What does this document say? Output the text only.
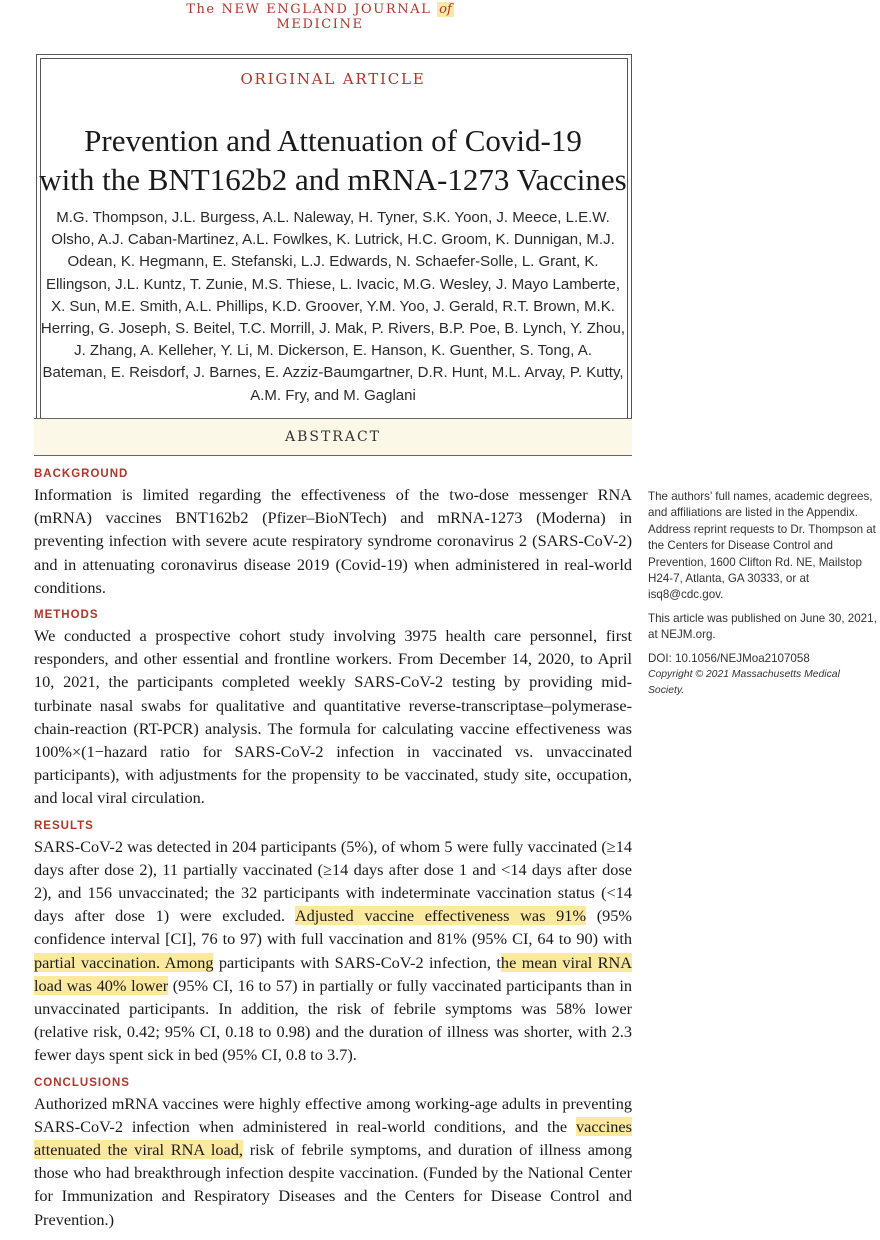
The NEW ENGLAND JOURNAL of MEDICINE
ORIGINAL ARTICLE
Prevention and Attenuation of Covid-19
with the BNT162b2 and mRNA-1273 Vaccines
M.G. Thompson, J.L. Burgess, A.L. Naleway, H. Tyner, S.K. Yoon, J. Meece, L.E.W. Olsho, A.J. Caban-Martinez, A.L. Fowlkes, K. Lutrick, H.C. Groom, K. Dunnigan, M.J. Odean, K. Hegmann, E. Stefanski, L.J. Edwards, N. Schaefer-Solle, L. Grant, K. Ellingson, J.L. Kuntz, T. Zunie, M.S. Thiese, L. Ivacic, M.G. Wesley, J. Mayo Lamberte, X. Sun, M.E. Smith, A.L. Phillips, K.D. Groover, Y.M. Yoo, J. Gerald, R.T. Brown, M.K. Herring, G. Joseph, S. Beitel, T.C. Morrill, J. Mak, P. Rivers, B.P. Poe, B. Lynch, Y. Zhou, J. Zhang, A. Kelleher, Y. Li, M. Dickerson, E. Hanson, K. Guenther, S. Tong, A. Bateman, E. Reisdorf, J. Barnes, E. Azziz-Baumgartner, D.R. Hunt, M.L. Arvay, P. Kutty, A.M. Fry, and M. Gaglani
ABSTRACT
BACKGROUND

Information is limited regarding the effectiveness of the two-dose messenger RNA (mRNA) vaccines BNT162b2 (Pfizer–BioNTech) and mRNA-1273 (Moderna) in preventing infection with severe acute respiratory syndrome coronavirus 2 (SARS-CoV-2) and in attenuating coronavirus disease 2019 (Covid-19) when administered in real-world conditions.

METHODS

We conducted a prospective cohort study involving 3975 health care personnel, first responders, and other essential and frontline workers. From December 14, 2020, to April 10, 2021, the participants completed weekly SARS-CoV-2 testing by providing mid-turbinate nasal swabs for qualitative and quantitative reverse-transcriptase–polymerase-chain-reaction (RT-PCR) analysis. The formula for calculating vaccine effectiveness was 100%×(1−hazard ratio for SARS-CoV-2 infection in vaccinated vs. unvaccinated participants), with adjustments for the propensity to be vaccinated, study site, occupation, and local viral circulation.

RESULTS

SARS-CoV-2 was detected in 204 participants (5%), of whom 5 were fully vaccinated (≥14 days after dose 2), 11 partially vaccinated (≥14 days after dose 1 and <14 days after dose 2), and 156 unvaccinated; the 32 participants with indeterminate vaccination status (<14 days after dose 1) were excluded. Adjusted vaccine effectiveness was 91% (95% confidence interval [CI], 76 to 97) with full vaccination and 81% (95% CI, 64 to 90) with partial vaccination. Among participants with SARS-CoV-2 infection, the mean viral RNA load was 40% lower (95% CI, 16 to 57) in partially or fully vaccinated participants than in unvaccinated participants. In addition, the risk of febrile symptoms was 58% lower (relative risk, 0.42; 95% CI, 0.18 to 0.98) and the duration of illness was shorter, with 2.3 fewer days spent sick in bed (95% CI, 0.8 to 3.7).

CONCLUSIONS

Authorized mRNA vaccines were highly effective among working-age adults in preventing SARS-CoV-2 infection when administered in real-world conditions, and the vaccines attenuated the viral RNA load, risk of febrile symptoms, and duration of illness among those who had breakthrough infection despite vaccination. (Funded by the National Center for Immunization and Respiratory Diseases and the Centers for Disease Control and Prevention.)

The authors’ full names, academic degrees, and affiliations are listed in the Appendix. Address reprint requests to Dr. Thompson at the Centers for Disease Control and Prevention, 1600 Clifton Rd. NE, Mailstop H24-7, Atlanta, GA 30333, or at isq8@cdc.gov.

This article was published on June 30, 2021, at NEJM.org.

DOI: 10.1056/NEJMoa2107058

Copyright © 2021 Massachusetts Medical Society.
